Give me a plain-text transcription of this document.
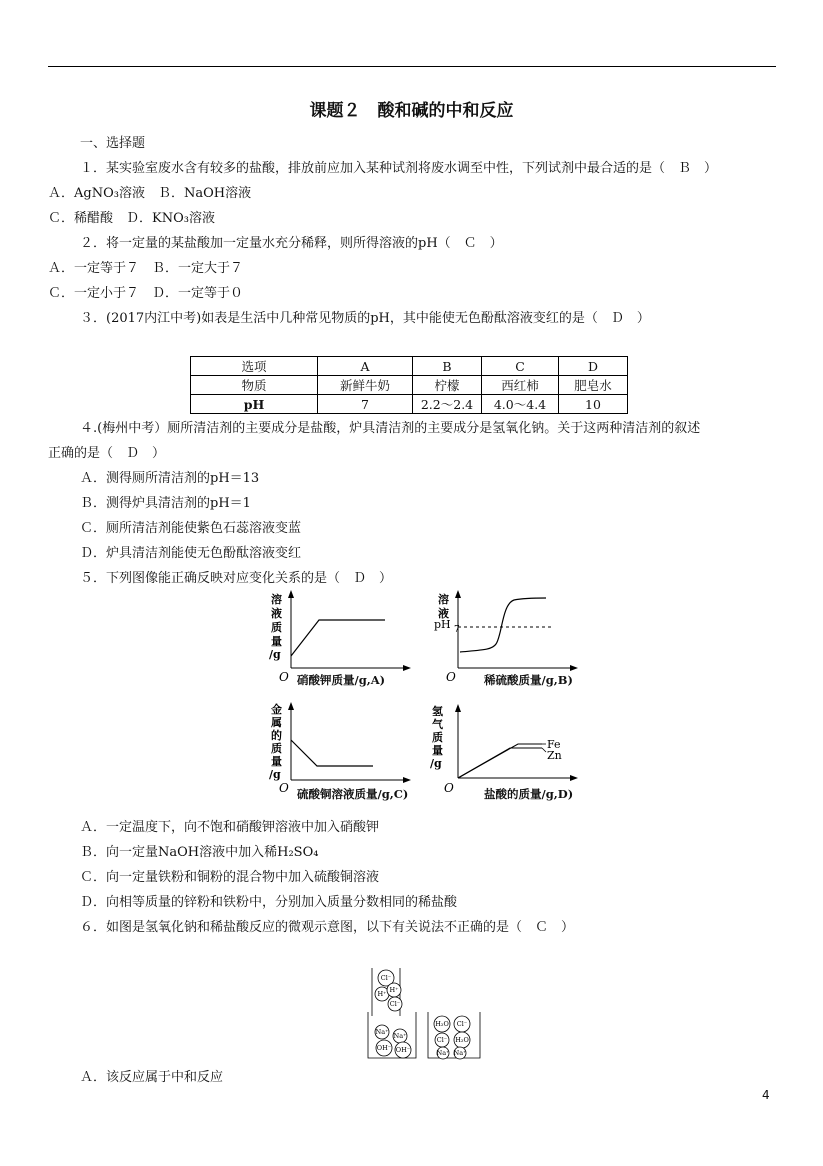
课题２　酸和碱的中和反应
一、选择题
１．某实验室废水含有较多的盐酸，排放前应加入某种试剂将废水调至中性，下列试剂中最合适的是（　Ｂ　）
Ａ．AgNO₃溶液　Ｂ．NaOH溶液
Ｃ．稀醋酸　Ｄ．KNO₃溶液
２．将一定量的某盐酸加一定量水充分稀释，则所得溶液的pH（　Ｃ　）
Ａ．一定等于７　Ｂ．一定大于７
Ｃ．一定小于７　Ｄ．一定等于０
３．(2017内江中考)如表是生活中几种常见物质的pH，其中能使无色酚酞溶液变红的是（　Ｄ　）
选项	A	B	C	D
物质	新鲜牛奶	柠檬	西红柿	肥皂水
pH	7	2.2～2.4	4.0～4.4	10
４.(梅州中考）厕所清洁剂的主要成分是盐酸，炉具清洁剂的主要成分是氢氧化钠。关于这两种清洁剂的叙述
正确的是（　Ｄ　）
Ａ．测得厕所清洁剂的pH＝13
Ｂ．测得炉具清洁剂的pH＝1
Ｃ．厕所清洁剂能使紫色石蕊溶液变蓝
Ｄ．炉具清洁剂能使无色酚酞溶液变红
５．下列图像能正确反映对应变化关系的是（　Ｄ　）
溶
液
质
量
/g
O 硝酸钾质量/g,A)
溶
液
pH 7
O 稀硫酸质量/g,B)
金
属
的
质
量
/g
O 硫酸铜溶液质量/g,C)
氢
气
质
量
/g
Fe
Zn
O	盐酸的质量/g,D)
Ａ．一定温度下，向不饱和硝酸钾溶液中加入硝酸钾
Ｂ．向一定量NaOH溶液中加入稀H₂SO₄
Ｃ．向一定量铁粉和铜粉的混合物中加入硫酸铜溶液
Ｄ．向相等质量的锌粉和铁粉中，分别加入质量分数相同的稀盐酸
６．如图是氢氧化钠和稀盐酸反应的微观示意图，以下有关说法不正确的是（　Ｃ　）
Cl⁻
H⁺ H⁺
Cl⁻
Na⁺ Na⁺
OH⁻ OH⁻
H₂O Cl⁻
Cl⁻ H₂O
Na⁺ Na⁺
Ａ．该反应属于中和反应
4
